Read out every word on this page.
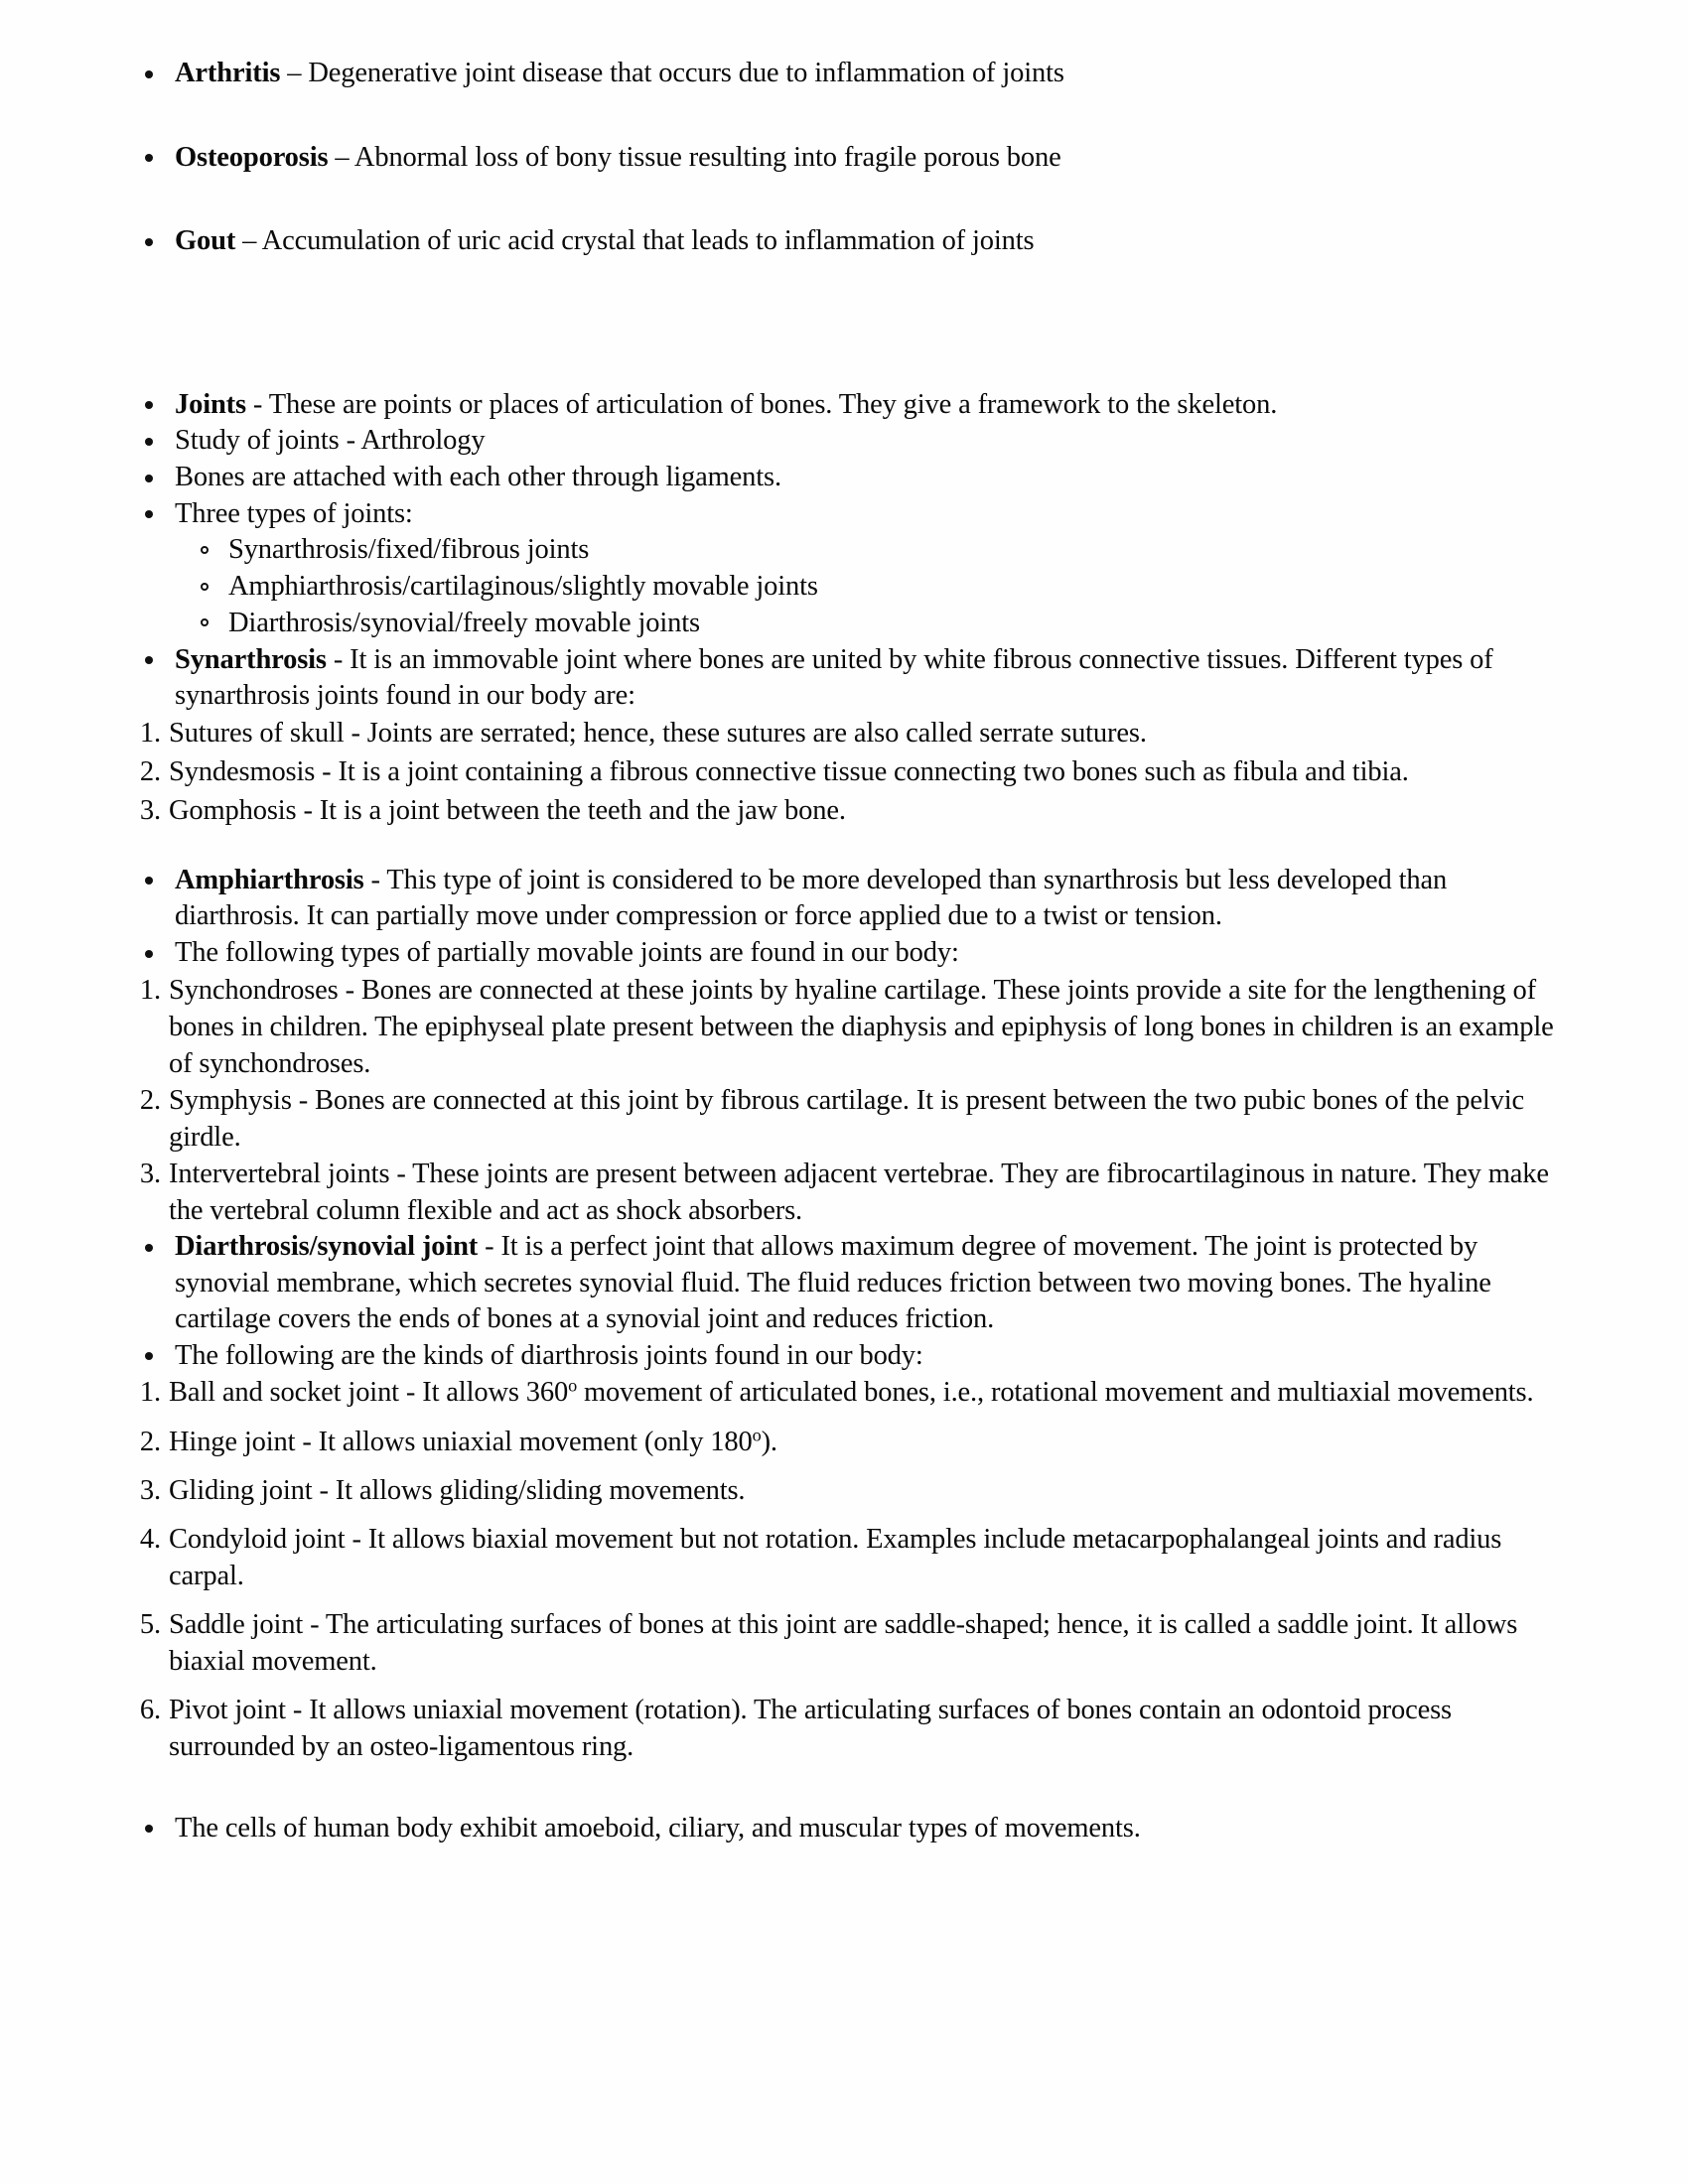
Arthritis – Degenerative joint disease that occurs due to inflammation of joints
Osteoporosis – Abnormal loss of bony tissue resulting into fragile porous bone
Gout – Accumulation of uric acid crystal that leads to inflammation of joints
Joints - These are points or places of articulation of bones. They give a framework to the skeleton.
Study of joints - Arthrology
Bones are attached with each other through ligaments.
Three types of joints:
Synarthrosis/fixed/fibrous joints
Amphiarthrosis/cartilaginous/slightly movable joints
Diarthrosis/synovial/freely movable joints
Synarthrosis - It is an immovable joint where bones are united by white fibrous connective tissues. Different types of synarthrosis joints found in our body are:
1. Sutures of skull - Joints are serrated; hence, these sutures are also called serrate sutures.
2. Syndesmosis - It is a joint containing a fibrous connective tissue connecting two bones such as fibula and tibia.
3. Gomphosis - It is a joint between the teeth and the jaw bone.
Amphiarthrosis - This type of joint is considered to be more developed than synarthrosis but less developed than diarthrosis. It can partially move under compression or force applied due to a twist or tension.
The following types of partially movable joints are found in our body:
1. Synchondroses - Bones are connected at these joints by hyaline cartilage. These joints provide a site for the lengthening of bones in children. The epiphyseal plate present between the diaphysis and epiphysis of long bones in children is an example of synchondroses.
2. Symphysis - Bones are connected at this joint by fibrous cartilage. It is present between the two pubic bones of the pelvic girdle.
3. Intervertebral joints - These joints are present between adjacent vertebrae. They are fibrocartilaginous in nature. They make the vertebral column flexible and act as shock absorbers.
Diarthrosis/synovial joint - It is a perfect joint that allows maximum degree of movement. The joint is protected by synovial membrane, which secretes synovial fluid. The fluid reduces friction between two moving bones. The hyaline cartilage covers the ends of bones at a synovial joint and reduces friction.
The following are the kinds of diarthrosis joints found in our body:
1. Ball and socket joint - It allows 360$^o$ movement of articulated bones, i.e., rotational movement and multiaxial movements.
2. Hinge joint - It allows uniaxial movement (only 180$^o$).
3. Gliding joint - It allows gliding/sliding movements.
4. Condyloid joint - It allows biaxial movement but not rotation. Examples include metacarpophalangeal joints and radius carpal.
5. Saddle joint - The articulating surfaces of bones at this joint are saddle-shaped; hence, it is called a saddle joint. It allows biaxial movement.
6. Pivot joint - It allows uniaxial movement (rotation). The articulating surfaces of bones contain an odontoid process surrounded by an osteo-ligamentous ring.
The cells of human body exhibit amoeboid, ciliary, and muscular types of movements.
